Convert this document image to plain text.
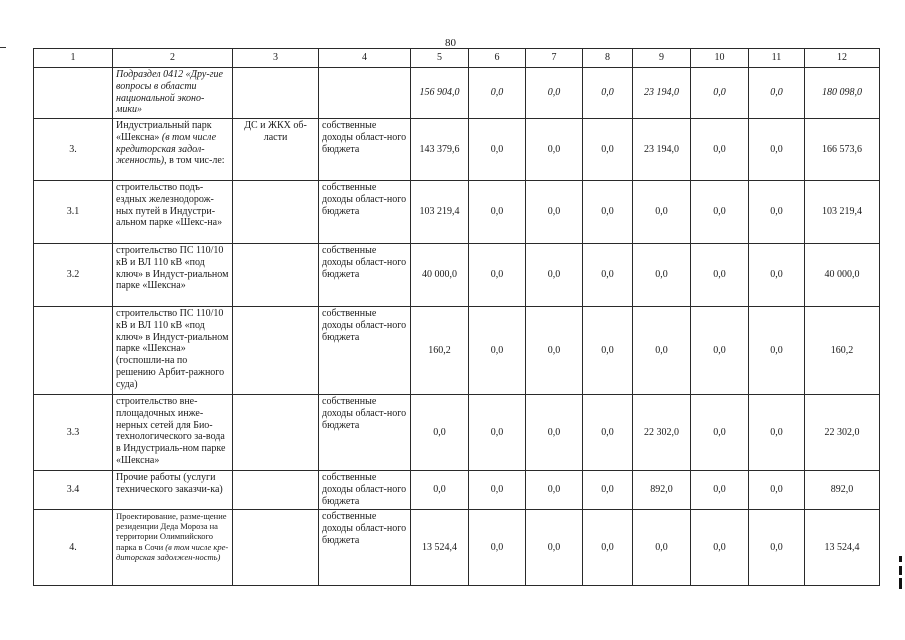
80
1	2	3	4	5	6	7	8	9	10	11	12
	Подраздел 0412 «Дру-гие вопросы в области национальной эконо-мики»			156 904,0	0,0	0,0	0,0	23 194,0	0,0	0,0	180 098,0
3.	Индустриальный парк «Шексна» (в том числе кредиторская задол-женность), в том чис-ле:	ДС и ЖКХ об-ласти	собственные доходы област-ного бюджета	143 379,6	0,0	0,0	0,0	23 194,0	0,0	0,0	166 573,6
3.1	строительство подъ-ездных железнодорож-ных путей в Индустри-альном парке «Шекс-на»		собственные доходы област-ного бюджета	103 219,4	0,0	0,0	0,0	0,0	0,0	0,0	103 219,4
3.2	строительство ПС 110/10 кВ и ВЛ 110 кВ «под ключ» в Индуст-риальном парке «Шексна»		собственные доходы област-ного бюджета	40 000,0	0,0	0,0	0,0	0,0	0,0	0,0	40 000,0
	строительство ПС 110/10 кВ и ВЛ 110 кВ «под ключ» в Индуст-риальном парке «Шексна» (госпошли-на по решению Арбит-ражного суда)		собственные доходы област-ного бюджета	160,2	0,0	0,0	0,0	0,0	0,0	0,0	160,2
3.3	строительство вне-площадочных инже-нерных сетей для Био-технологического за-вода в Индустриаль-ном парке «Шексна»		собственные доходы област-ного бюджета	0,0	0,0	0,0	0,0	22 302,0	0,0	0,0	22 302,0
3.4	Прочие работы (услуги технического заказчи-ка)		собственные доходы област-ного бюджета	0,0	0,0	0,0	0,0	892,0	0,0	0,0	892,0
4.	Проектирование, разме-щение резиденции Деда Мороза на территории Олимпийского парка в Сочи (в том числе кре-диторская задолжен-ность)		собственные доходы област-ного бюджета	13 524,4	0,0	0,0	0,0	0,0	0,0	0,0	13 524,4
